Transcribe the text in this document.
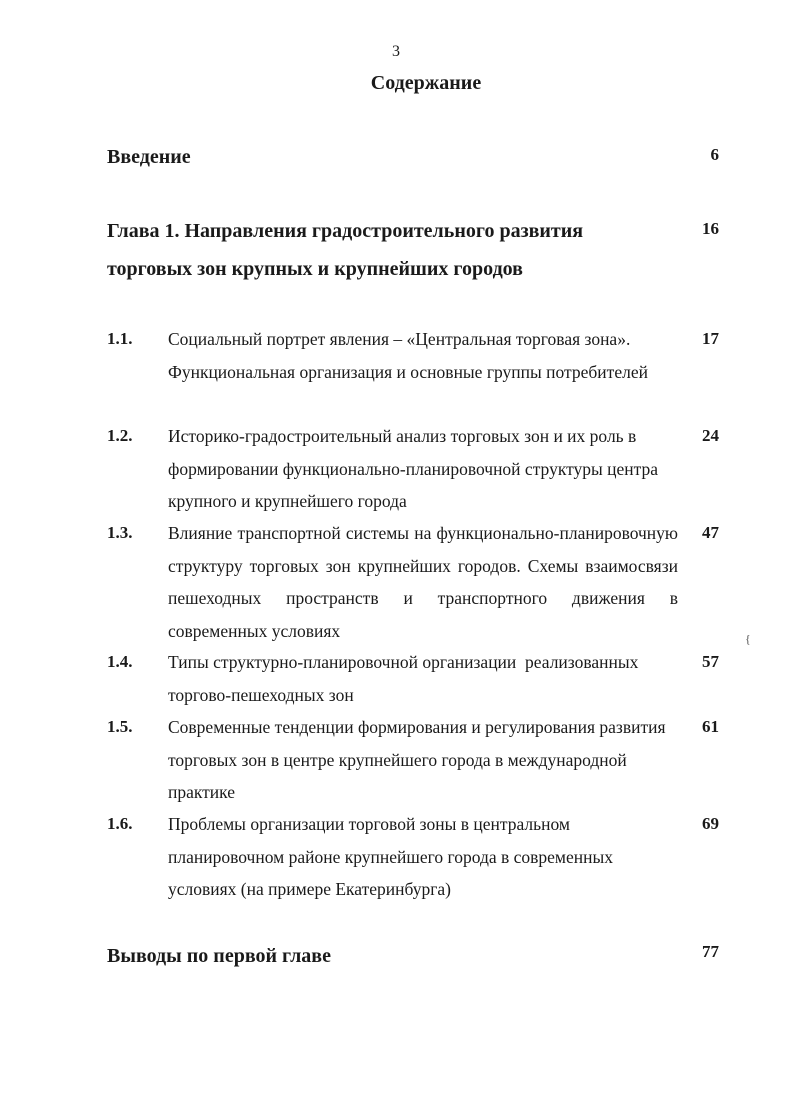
3
Содержание
Введение	6
Глава 1. Направления градостроительного развития торговых зон крупных и крупнейших городов
16
1.1. Социальный портрет явления – «Центральная торговая зона». Функциональная организация и основные группы потребителей
17
1.2. Историко-градостроительный анализ торговых зон и их роль в формировании функционально-планировочной структуры центра крупного и крупнейшего города
24
1.3. Влияние транспортной системы на функционально-планировочную структуру торговых зон крупнейших городов. Схемы взаимосвязи пешеходных пространств и транспортного движения в современных условиях
47
1.4. Типы структурно-планировочной организации  реализованных торгово-пешеходных зон
57
1.5. Современные тенденции формирования и регулирования развития торговых зон в центре крупнейшего города в международной практике
61
1.6. Проблемы организации торговой зоны в центральном планировочном районе крупнейшего города в современных условиях (на примере Екатеринбурга)
69
Выводы по первой главе	77
{
